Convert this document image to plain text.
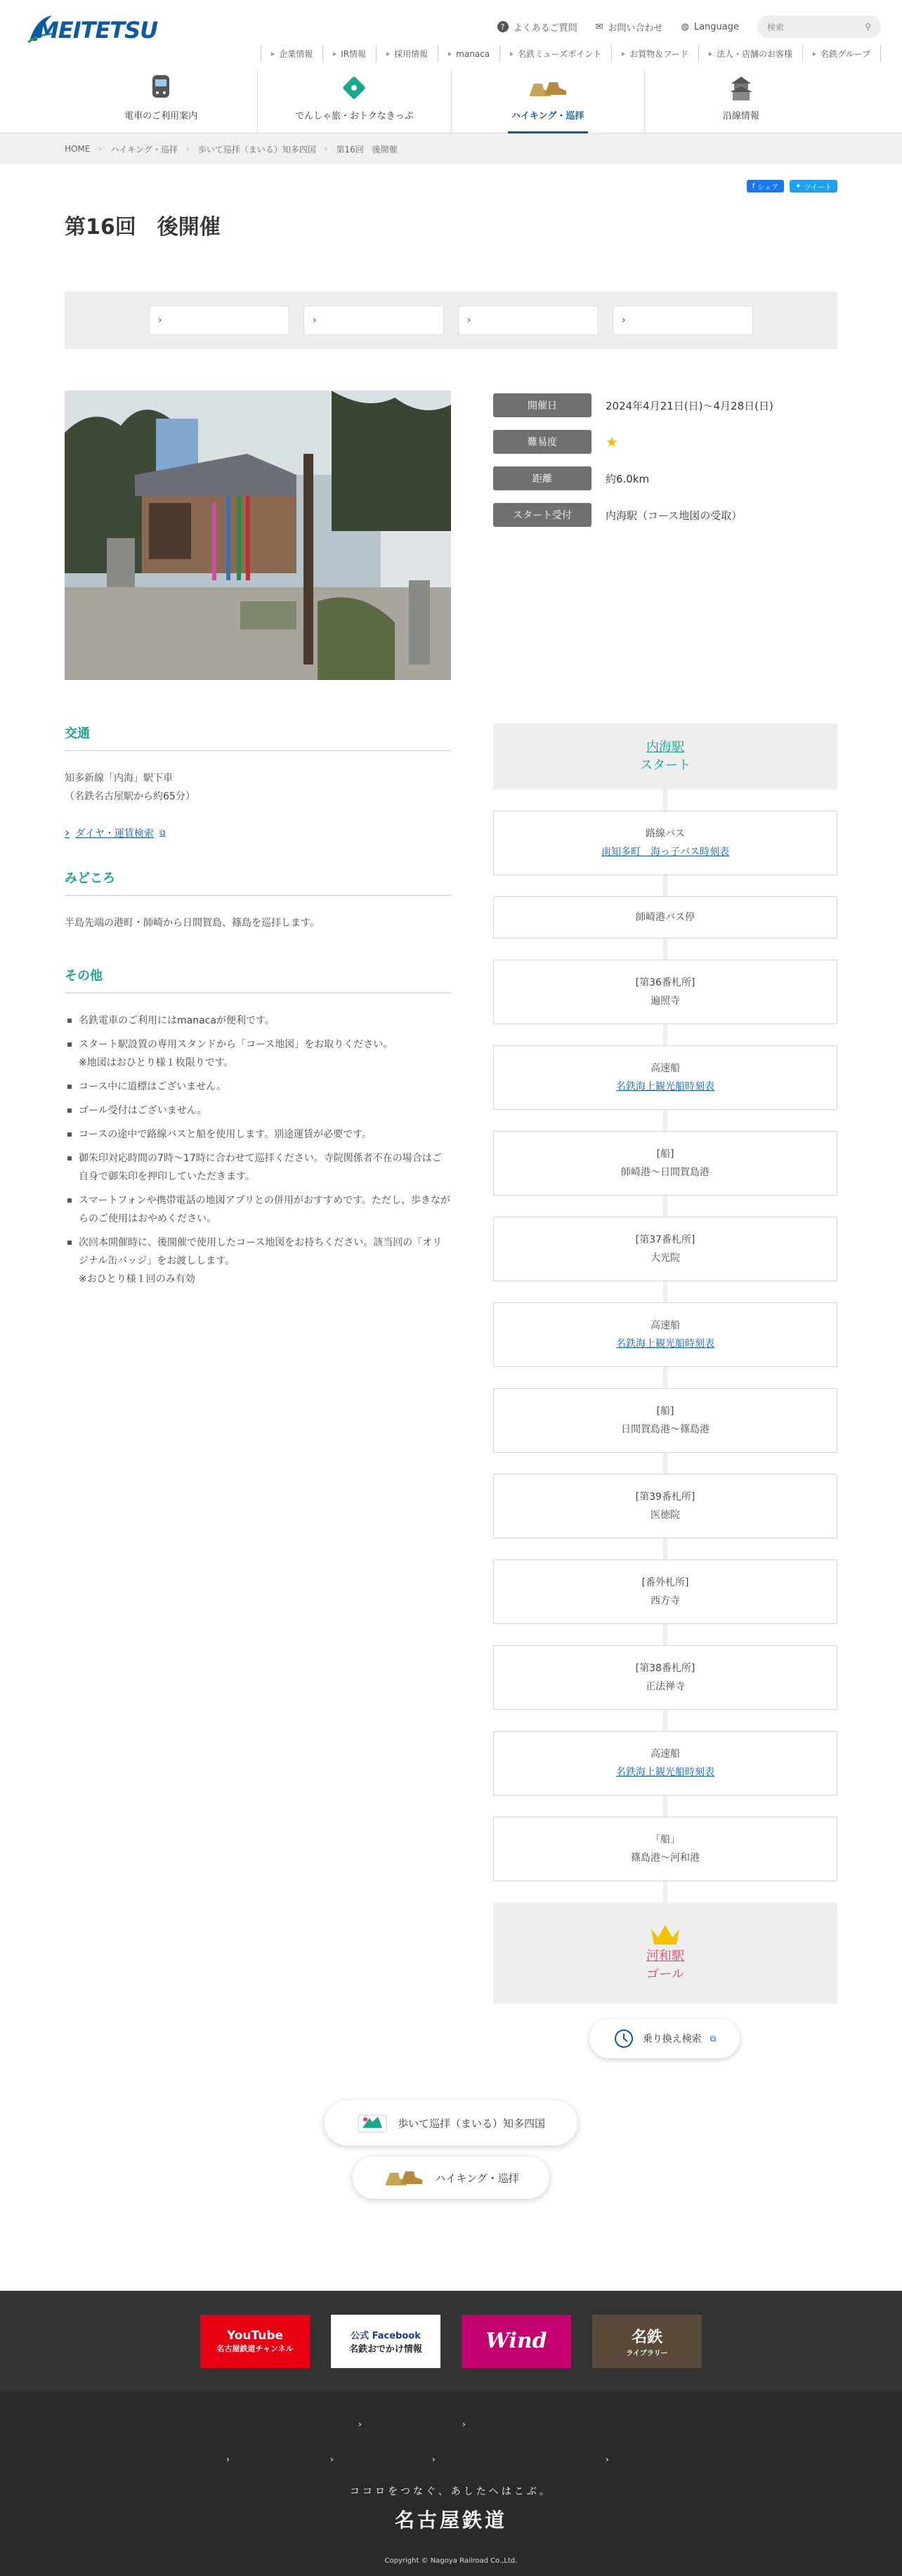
MEITETSU	? よくあるご質問 ✉ お問い合わせ ◍ Language	検索	⚲
企業情報	IR情報	採用情報	manaca	名鉄ミューズポイント	お買物＆フード	法人・店舗のお客様	名鉄グループ
電車のご利用案内	でんしゃ旅・おトクなきっぷ	ハイキング・巡拝	沿線情報
HOME › ハイキング・巡拝 › 歩いて巡拝（まいる）知多四国 › 第16回　後開催
f シェア ✦ ツイート
第16回　後開催
›	›	›	›
開催日	2024年4月21日(日)～4月28日(日)
難易度	★
距離	約6.0km
スタート受付	内海駅（コース地図の受取）
交通

知多新線「内海」駅下車

（名鉄名古屋駅から約65分）

› ダイヤ・運賃検索 ⧉
みどころ

半島先端の港町・師崎から日間賀島、篠島を巡拝します。

その他
名鉄電車のご利用にはmanacaが便利です。
スタート駅設置の専用スタンドから「コース地図」をお取りください。
※地図はおひとり様１枚限りです。
コース中に道標はございません。
ゴール受付はございません。
コースの途中で路線バスと船を使用します。別途運賃が必要です。
御朱印対応時間の7時～17時に合わせて巡拝ください。寺院関係者不在の場合はご自身で御朱印を押印していただきます。
スマートフォンや携帯電話の地図アプリとの併用がおすすめです。ただし、歩きながらのご使用はおやめください。
次回本開催時に、後開催で使用したコース地図をお持ちください。該当回の「オリジナル缶バッジ」をお渡しします。
※おひとり様１回のみ有効
内海駅
スタート
路線バス
南知多町　海っ子バス時刻表
師崎港バス停
[第36番札所]
遍照寺
高速船
名鉄海上観光船時刻表
[船]
師崎港～日間賀島港
[第37番札所]
大光院
高速船
名鉄海上観光船時刻表
[船]
日間賀島港～篠島港
[第39番札所]
医徳院
[番外札所]
西方寺
[第38番札所]
正法禅寺
高速船
名鉄海上観光船時刻表
「船」
篠島港～河和港
河和駅
ゴール
乗り換え検索 ⧉
歩いて巡拝（まいる）知多四国
ハイキング・巡拝
YouTube
名古屋鉄道チャンネル
公式 Facebook
名鉄おでかけ情報	Wind	名鉄
ライブラリー
›	›
›	›	›	›
ココロをつなぐ、あしたへはこぶ。
名古屋鉄道
Copyright © Nagoya Railroad Co.,Ltd.
